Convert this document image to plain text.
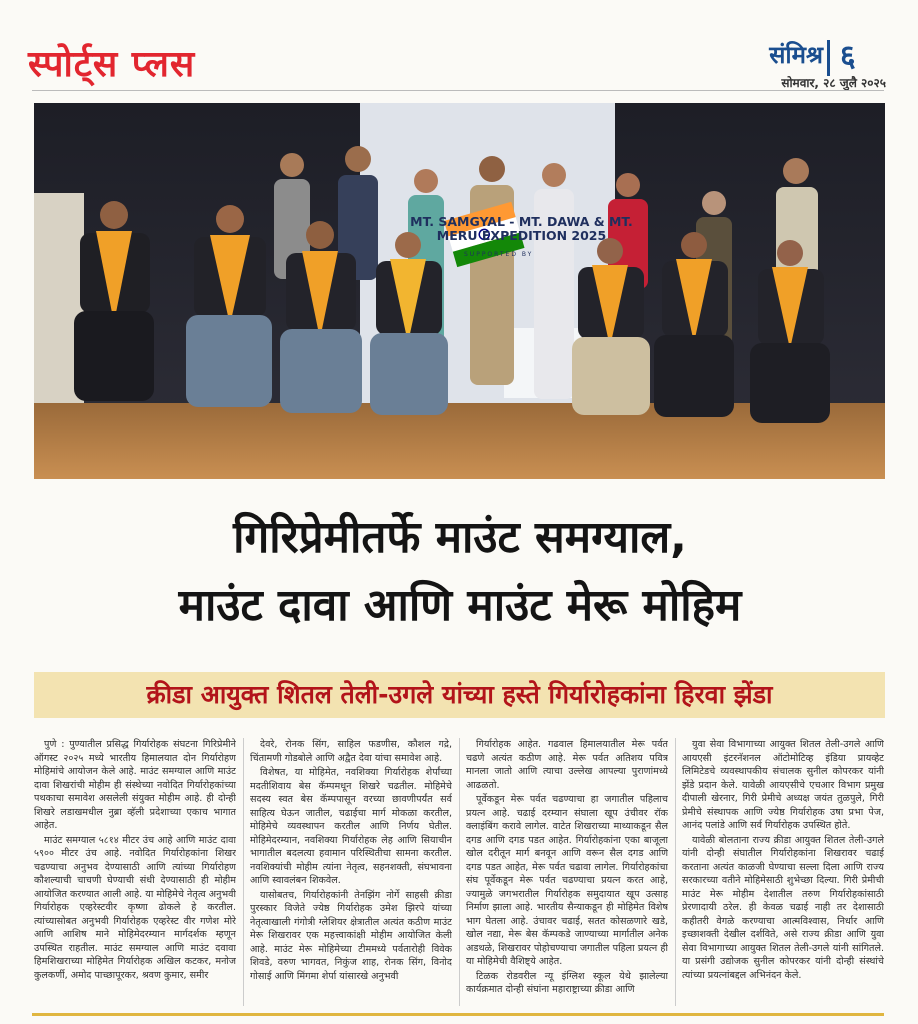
स्पोर्ट्स प्लस	संमिश्र ६
सोमवार, २८ जुलै २०२५
MT. SAMGYAL - MT. DAWA & MT. MERU EXPEDITION 2025
SUPPORTED BY
गिरिप्रेमीतर्फे माउंट समग्याल,
माउंट दावा आणि माउंट मेरू मोहिम
क्रीडा आयुक्त शितल तेली-उगले यांच्या हस्ते गिर्यारोहकांना हिरवा झेंडा

पुणे : पुण्यातील प्रसिद्ध गिर्यारोहक संघटना गिरिप्रेमीने ऑगस्ट २०२५ मध्ये भारतीय हिमालयात दोन गिर्यारोहण मोहिमांचे आयोजन केले आहे. माउंट समग्याल आणि माउंट दावा शिखरांची मोहीम ही संस्थेच्या नवोदित गिर्यारोहकांच्या पथकाचा समावेश असलेली संयुक्त मोहीम आहे. ही दोन्ही शिखरे लडाखमधील नुब्रा व्हॅली प्रदेशाच्या एकाच भागात आहेत.

माउंट समग्याल ५८१४ मीटर उंच आहे आणि माउंट दावा ५९०० मीटर उंच आहे. नवोदित गिर्यारोहकांना शिखर चढण्याचा अनुभव देण्यासाठी आणि त्यांच्या गिर्यारोहण कौशल्याची चाचणी घेण्याची संधी देण्यासाठी ही मोहीम आयोजित करण्यात आली आहे. या मोहिमेचे नेतृत्व अनुभवी गिर्यारोहक एव्हरेस्टवीर कृष्णा ढोकले हे करतील. त्यांच्यासोबत अनुभवी गिर्यारोहक एव्हरेस्ट वीर गणेश मोरे आणि आशिष माने मोहिमेदरम्यान मार्गदर्शक म्हणून उपस्थित राहतील. माउंट समग्याल आणि माउंट दवावा हिमशिखराच्या मोहिमेत गिर्यारोहक अखिल कटकर, मनोज कुलकर्णी, अमोद पाच्छापूरकर, श्रवण कुमार, समीर

देवरे, रोनक सिंग, साहिल फडणीस, कौशल गद्रे, चिंतामणी गोडबोले आणि अद्वैत देवा यांचा समावेश आहे.

विशेषत, या मोहिमेत, नवशिक्या गिर्यारोहक शेर्पांच्या मदतीशिवाय बेस कॅम्पमधून शिखरे चढतील. मोहिमेचे सदस्य स्वत बेस कॅम्पपासून वरच्या छावणीपर्यंत सर्व साहित्य घेऊन जातील, चढाईचा मार्ग मोकळा करतील, मोहिमेचे व्यवस्थापन करतील आणि निर्णय घेतील. मोहिमेदरम्यान, नवशिक्या गिर्यारोहक लेह आणि सियाचीन भागातील बदलत्या हवामान परिस्थितीचा सामना करतील. नवशिक्यांची मोहीम त्यांना नेतृत्व, सहनशक्ती, संघभावना आणि स्वावलंबन शिकवेल.

यासोबतच, गिर्यारोहकांनी तेनझिंग नोर्गे साहसी क्रीडा पुरस्कार विजेते ज्येष्ठ गिर्यारोहक उमेश झिरपे यांच्या नेतृत्वाखाली गंगोत्री ग्लेशियर क्षेत्रातील अत्यंत कठीण माउंट मेरू शिखरावर एक महत्त्वाकांक्षी मोहीम आयोजित केली आहे. माउंट मेरू मोहिमेच्या टीममध्ये पर्वतारोही विवेक शिवडे, वरुण भागवत, निकुंज शाह, रोनक सिंग, विनोद गोसाई आणि मिंगमा शेर्पा यांसारखे अनुभवी

गिर्यारोहक आहेत. गढवाल हिमालयातील मेरू पर्वत चढणे अत्यंत कठीण आहे. मेरू पर्वत अतिशय पवित्र मानला जातो आणि त्याचा उल्लेख आपल्या पुराणांमध्ये आढळतो.

पूर्वेकडून मेरू पर्वत चढण्याचा हा जगातील पहिलाच प्रयत्न आहे. चढाई दरम्यान संघाला खूप उंचीवर रॉक क्लाइंबिंग करावे लागेल. वाटेत शिखराच्या माथ्याकडून सैल दगड आणि दगड पडत आहेत. गिर्यारोहकांना एका बाजूला खोल दरीतून मार्ग बनवून आणि वरून सैल दगड आणि दगड पडत आहेत, मेरू पर्वत चढावा लागेल. गिर्यारोहकांचा संघ पूर्वेकडून मेरू पर्वत चढण्याचा प्रयत्न करत आहे, ज्यामुळे जगभरातील गिर्यारोहक समुदायात खूप उत्साह निर्माण झाला आहे. भारतीय सैन्याकडून ही मोहिमेत विशेष भाग घेतला आहे. उंचावर चढाई, सतत कोसळणारे खडे, खोल नद्या, मेरू बेस कॅम्पकडे जाण्याच्या मार्गातील अनेक अडथळे, शिखरावर पोहोचण्याचा जगातील पहिला प्रयत्न ही या मोहिमेची वैशिष्ट्ये आहेत.

टिळक रोडवरील न्यू इंग्लिश स्कूल येथे झालेल्या कार्यक्रमात दोन्ही संघांना महाराष्ट्राच्या क्रीडा आणि

युवा सेवा विभागाच्या आयुक्त शितल तेली-उगले आणि आयएसी इंटरनॅशनल ऑटोमोटिव्ह इंडिया प्रायव्हेट लिमिटेडचे व्यवस्थापकीय संचालक सुनील कोपरकर यांनी झेंडे प्रदान केले. यावेळी आयएसीचे एचआर विभाग प्रमुख दीपाली खेरनार, गिरी प्रेमीचे अध्यक्ष जयंत तुळपुले, गिरी प्रेमीचे संस्थापक आणि ज्येष्ठ गिर्यारोहक उषा प्रभा पेज, आनंद पलांडे आणि सर्व गिर्यारोहक उपस्थित होते.

यावेळी बोलताना राज्य क्रीडा आयुक्त शितल तेली-उगले यांनी दोन्ही संघातील गिर्यारोहकांना शिखरावर चढाई करताना अत्यंत काळजी घेण्याचा सल्ला दिला आणि राज्य सरकारच्या वतीने मोहिमेसाठी शुभेच्छा दिल्या. गिरी प्रेमीची माउंट मेरू मोहीम देशातील तरुण गिर्यारोहकांसाठी प्रेरणादायी ठरेल. ही केवळ चढाई नाही तर देशासाठी कहीतरी वेगळे करण्याचा आत्मविश्वास, निर्धार आणि इच्छाशक्ती देखील दर्शविते, असे राज्य क्रीडा आणि युवा सेवा विभागाच्या आयुक्त शितल तेली-उगले यांनी सांगितले. या प्रसंगी उद्योजक सुनील कोपरकर यांनी दोन्ही संस्थांचे त्यांच्या प्रयत्नांबद्दल अभिनंदन केले.
